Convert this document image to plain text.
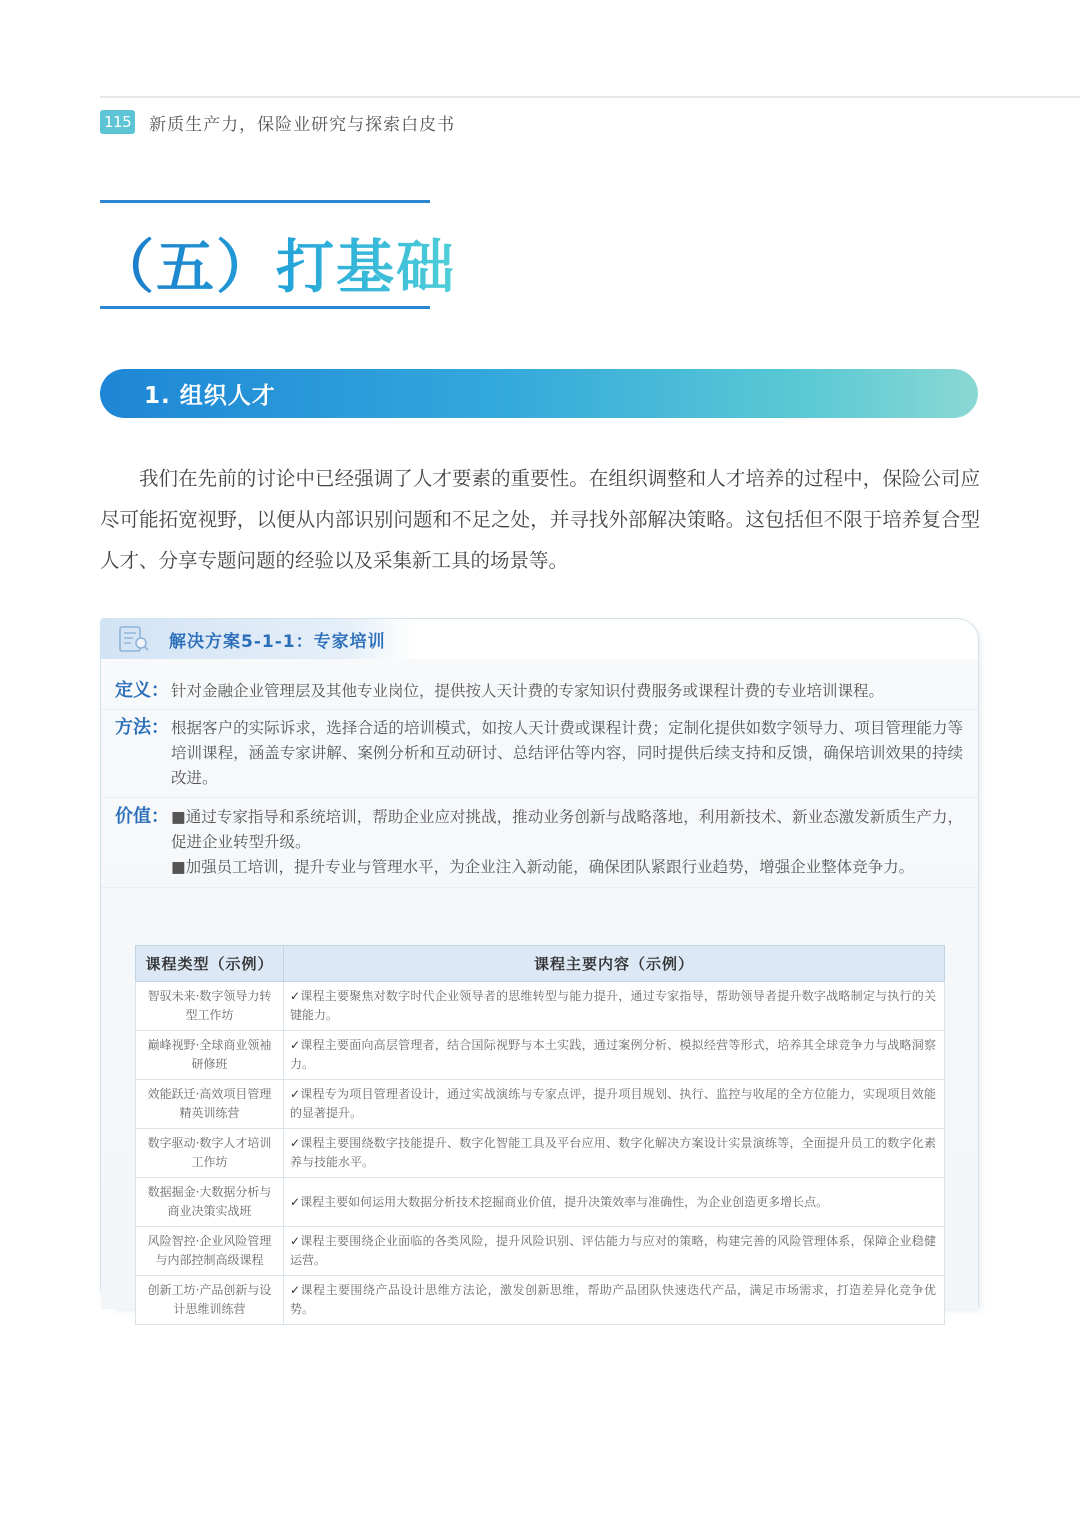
115 新质生产力，保险业研究与探索白皮书
（五）打基础
1. 组织人才

我们在先前的讨论中已经强调了人才要素的重要性。在组织调整和人才培养的过程中，保险公司应尽可能拓宽视野，以便从内部识别问题和不足之处，并寻找外部解决策略。这包括但不限于培养复合型人才、分享专题问题的经验以及采集新工具的场景等。

解决方案5-1-1：专家培训
定义： 针对金融企业管理层及其他专业岗位，提供按人天计费的专家知识付费服务或课程计费的专业培训课程。
方法： 根据客户的实际诉求，选择合适的培训模式，如按人天计费或课程计费；定制化提供如数字领导力、项目管理能力等培训课程，涵盖专家讲解、案例分析和互动研讨、总结评估等内容，同时提供后续支持和反馈，确保培训效果的持续改进。
价值： ■通过专家指导和系统培训，帮助企业应对挑战，推动业务创新与战略落地，利用新技术、新业态激发新质生产力，促进企业转型升级。
■加强员工培训，提升专业与管理水平，为企业注入新动能，确保团队紧跟行业趋势，增强企业整体竞争力。
课程类型（示例）	课程主要内容（示例）
智驭未来·数字领导力转型工作坊	✓课程主要聚焦对数字时代企业领导者的思维转型与能力提升，通过专家指导，帮助领导者提升数字战略制定与执行的关键能力。
巅峰视野·全球商业领袖研修班	✓课程主要面向高层管理者，结合国际视野与本土实践，通过案例分析、模拟经营等形式，培养其全球竞争力与战略洞察力。
效能跃迁·高效项目管理精英训练营	✓课程专为项目管理者设计，通过实战演练与专家点评，提升项目规划、执行、监控与收尾的全方位能力，实现项目效能的显著提升。
数字驱动·数字人才培训工作坊	✓课程主要围绕数字技能提升、数字化智能工具及平台应用、数字化解决方案设计实景演练等，全面提升员工的数字化素养与技能水平。
数据掘金·大数据分析与商业决策实战班	✓课程主要如何运用大数据分析技术挖掘商业价值，提升决策效率与准确性，为企业创造更多增长点。
风险智控·企业风险管理与内部控制高级课程	✓课程主要围绕企业面临的各类风险，提升风险识别、评估能力与应对的策略，构建完善的风险管理体系，保障企业稳健运营。
创新工坊·产品创新与设计思维训练营	✓课程主要围绕产品设计思维方法论，激发创新思维，帮助产品团队快速迭代产品，满足市场需求，打造差异化竞争优势。
